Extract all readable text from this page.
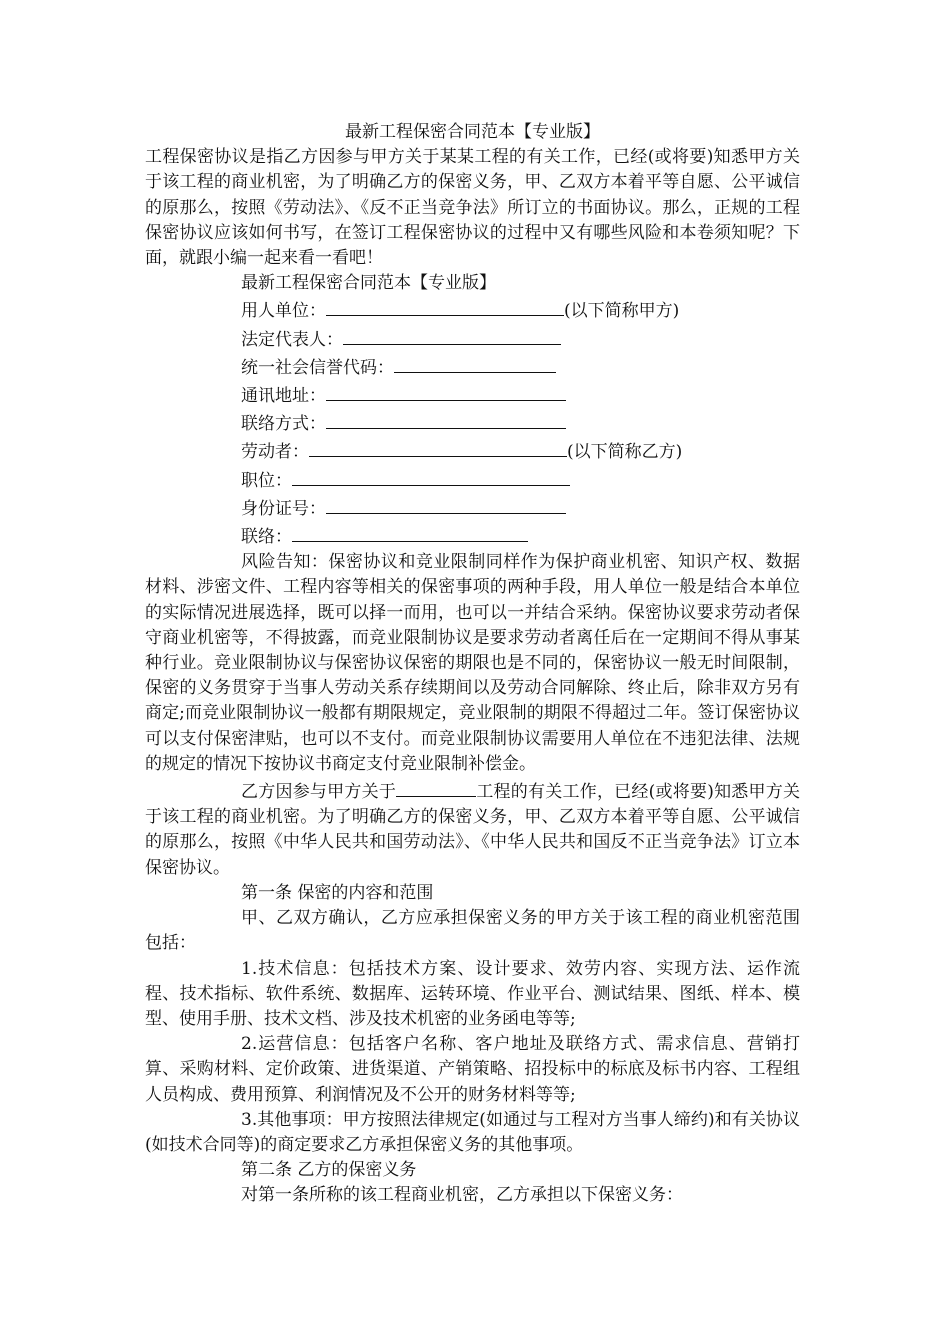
最新工程保密合同范本【专业版】

工程保密协议是指乙方因参与甲方关于某某工程的有关工作，已经(或将要)知悉甲方关于该工程的商业机密，为了明确乙方的保密义务，甲、乙双方本着平等自愿、公平诚信的原那么，按照《劳动法》、《反不正当竞争法》所订立的书面协议。那么，正规的工程保密协议应该如何书写，在签订工程保密协议的过程中又有哪些风险和本卷须知呢？下面，就跟小编一起来看一看吧！

最新工程保密合同范本【专业版】

用人单位：	(以下简称甲方)
法定代表人：
统一社会信誉代码：
通讯地址：
联络方式：
劳动者：	(以下简称乙方)
职位：
身份证号：
联络：

风险告知：保密协议和竞业限制同样作为保护商业机密、知识产权、数据材料、涉密文件、工程内容等相关的保密事项的两种手段，用人单位一般是结合本单位的实际情况进展选择，既可以择一而用，也可以一并结合采纳。保密协议要求劳动者保守商业机密等，不得披露，而竞业限制协议是要求劳动者离任后在一定期间不得从事某种行业。竞业限制协议与保密协议保密的期限也是不同的，保密协议一般无时间限制，保密的义务贯穿于当事人劳动关系存续期间以及劳动合同解除、终止后，除非双方另有商定;而竞业限制协议一般都有期限规定，竞业限制的期限不得超过二年。签订保密协议可以支付保密津贴，也可以不支付。而竞业限制协议需要用人单位在不违犯法律、法规的规定的情况下按协议书商定支付竞业限制补偿金。

乙方因参与甲方关于	工程的有关工作，已经(或将要)知悉甲方关于该工程的商业机密。为了明确乙方的保密义务，甲、乙双方本着平等自愿、公平诚信的原那么，按照《中华人民共和国劳动法》、《中华人民共和国反不正当竞争法》订立本保密协议。

第一条 保密的内容和范围

甲、乙双方确认，乙方应承担保密义务的甲方关于该工程的商业机密范围包括：

1.技术信息：包括技术方案、设计要求、效劳内容、实现方法、运作流程、技术指标、软件系统、数据库、运转环境、作业平台、测试结果、图纸、样本、模型、使用手册、技术文档、涉及技术机密的业务函电等等;

2.运营信息：包括客户名称、客户地址及联络方式、需求信息、营销打算、采购材料、定价政策、进货渠道、产销策略、招投标中的标底及标书内容、工程组人员构成、费用预算、利润情况及不公开的财务材料等等;

3.其他事项：甲方按照法律规定(如通过与工程对方当事人缔约)和有关协议(如技术合同等)的商定要求乙方承担保密义务的其他事项。

第二条 乙方的保密义务

对第一条所称的该工程商业机密，乙方承担以下保密义务：
